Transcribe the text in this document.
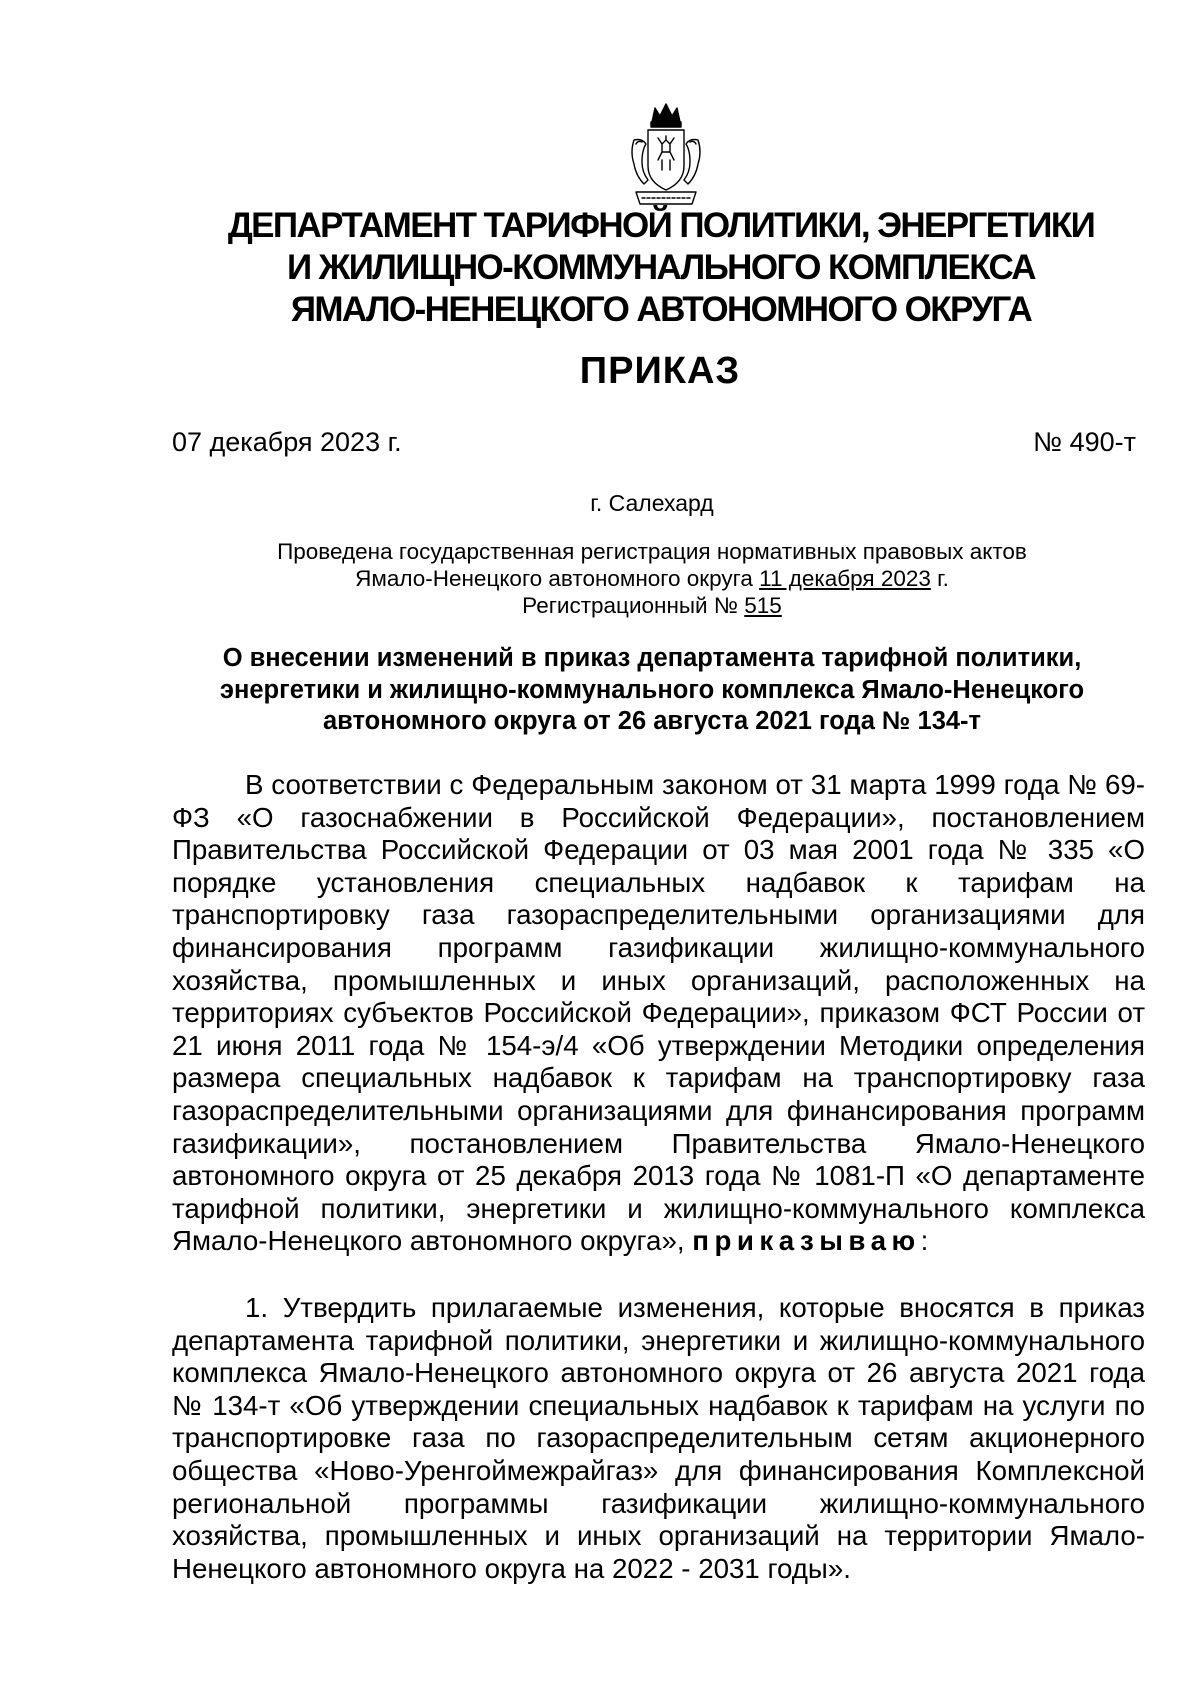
ДЕПАРТАМЕНТ ТАРИФНОЙ ПОЛИТИКИ, ЭНЕРГЕТИКИ
И ЖИЛИЩНО-КОММУНАЛЬНОГО КОМПЛЕКСА
ЯМАЛО-НЕНЕЦКОГО АВТОНОМНОГО ОКРУГА
ПРИКАЗ
07 декабря 2023 г.	№ 490-т
г. Салехард
Проведена государственная регистрация нормативных правовых актов
Ямало-Ненецкого автономного округа 11 декабря 2023 г.
Регистрационный № 515
О внесении изменений в приказ департамента тарифной политики,
энергетики и жилищно-коммунального комплекса Ямало-Ненецкого
автономного округа от 26 августа 2021 года № 134-т

В соответствии с Федеральным законом от 31 марта 1999 года № 69-ФЗ «О газоснабжении в Российской Федерации», постановлением Правительства Российской Федерации от 03 мая 2001 года № 335 «О порядке установления специальных надбавок к тарифам на транспортировку газа газораспределительными организациями для финансирования программ газификации жилищно-коммунального хозяйства, промышленных и иных организаций, расположенных на территориях субъектов Российской Федерации», приказом ФСТ России от 21 июня 2011 года № 154-э/4 «Об утверждении Методики определения размера специальных надбавок к тарифам на транспортировку газа газораспределительными организациями для финансирования программ газификации», постановлением Правительства Ямало-Ненецкого автономного округа от 25 декабря 2013 года № 1081-П «О департаменте тарифной политики, энергетики и жилищно-коммунального комплекса Ямало-Ненецкого автономного округа», приказываю:

1. Утвердить прилагаемые изменения, которые вносятся в приказ департамента тарифной политики, энергетики и жилищно-коммунального комплекса Ямало-Ненецкого автономного округа от 26 августа 2021 года № 134-т «Об утверждении специальных надбавок к тарифам на услуги по транспортировке газа по газораспределительным сетям акционерного общества «Ново-Уренгоймежрайгаз» для финансирования Комплексной региональной программы газификации жилищно-коммунального хозяйства, промышленных и иных организаций на территории Ямало-Ненецкого автономного округа на 2022 - 2031 годы».
